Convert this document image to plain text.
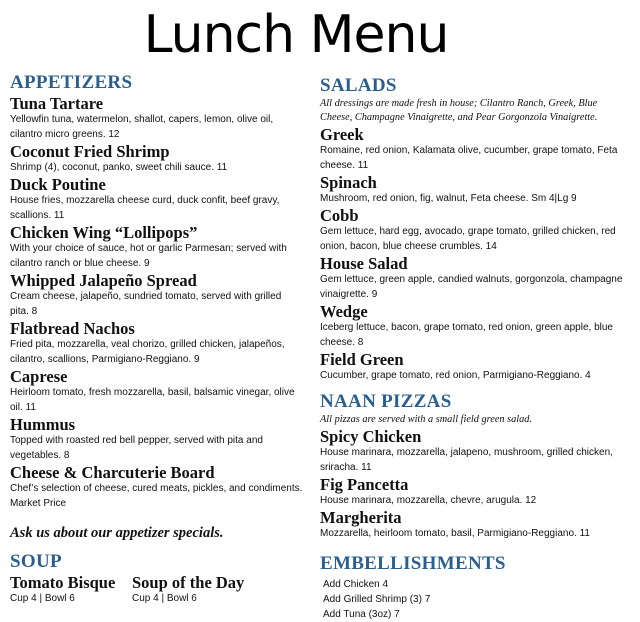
Lunch Menu
APPETIZERS
Tuna Tartare
Yellowfin tuna, watermelon, shallot, capers, lemon, olive oil,
cilantro micro greens. 12
Coconut Fried Shrimp
Shrimp (4), coconut, panko, sweet chili sauce. 11
Duck Poutine
House fries, mozzarella cheese curd, duck confit, beef gravy,
scallions. 11
Chicken Wing “Lollipops”
With your choice of sauce, hot or garlic Parmesan; served with
cilantro ranch or blue cheese. 9
Whipped Jalapeño Spread
Cream cheese, jalapeño, sundried tomato, served with grilled
pita. 8
Flatbread Nachos
Fried pita, mozzarella, veal chorizo, grilled chicken, jalapeños,
cilantro, scallions, Parmigiano-Reggiano. 9
Caprese
Heirloom tomato, fresh mozzarella, basil, balsamic vinegar, olive
oil. 11
Hummus
Topped with roasted red bell pepper, served with pita and
vegetables. 8
Cheese & Charcuterie Board
Chef’s selection of cheese, cured meats, pickles, and condiments.
Market Price
Ask us about our appetizer specials.
SOUP
Tomato Bisque
Cup 4 | Bowl 6
Soup of the Day
Cup 4 | Bowl 6
SALADS
All dressings are made fresh in house; Cilantro Ranch, Greek, Blue
Cheese, Champagne Vinaigrette, and Pear Gorgonzola Vinaigrette.
Greek
Romaine, red onion, Kalamata olive, cucumber, grape tomato, Feta
cheese. 11
Spinach
Mushroom, red onion, fig, walnut, Feta cheese. Sm 4|Lg 9
Cobb
Gem lettuce, hard egg, avocado, grape tomato, grilled chicken, red
onion, bacon, blue cheese crumbles. 14
House Salad
Gem lettuce, green apple, candied walnuts, gorgonzola, champagne
vinaigrette. 9
Wedge
Iceberg lettuce, bacon, grape tomato, red onion, green apple, blue
cheese. 8
Field Green
Cucumber, grape tomato, red onion, Parmigiano-Reggiano. 4
NAAN PIZZAS
All pizzas are served with a small field green salad.
Spicy Chicken
House marinara, mozzarella, jalapeno, mushroom, grilled chicken,
sriracha. 11
Fig Pancetta
House marinara, mozzarella, chevre, arugula. 12
Margherita
Mozzarella, heirloom tomato, basil, Parmigiano-Reggiano. 11
EMBELLISHMENTS
Add Chicken 4
Add Grilled Shrimp (3) 7
Add Tuna (3oz) 7
